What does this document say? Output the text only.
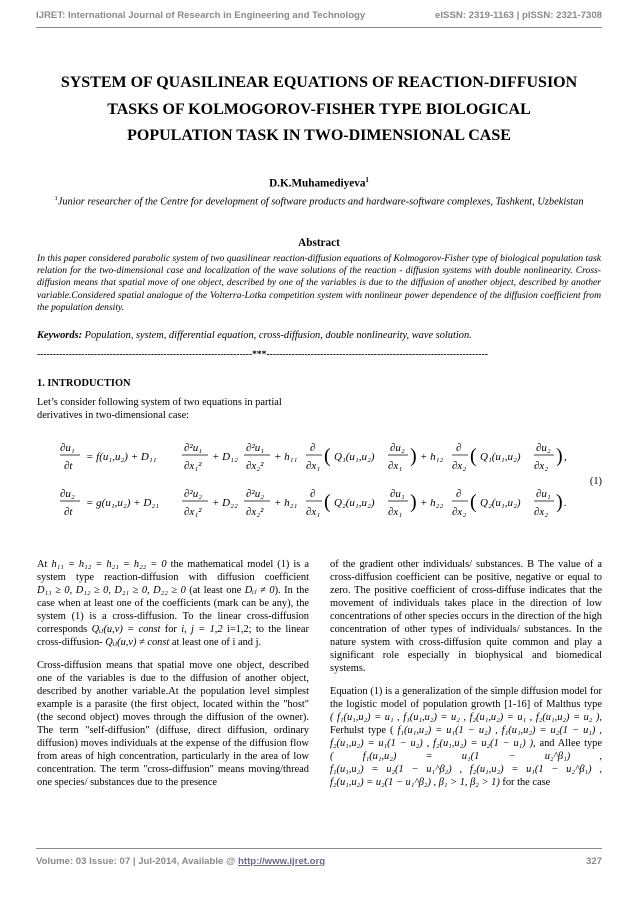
IJRET: International Journal of Research in Engineering and Technology	eISSN: 2319-1163 | pISSN: 2321-7308
SYSTEM OF QUASILINEAR EQUATIONS OF REACTION-DIFFUSION
TASKS OF KOLMOGOROV-FISHER TYPE BIOLOGICAL
POPULATION TASK IN TWO-DIMENSIONAL CASE
D.K.Muhamediyeva$^1$
$^1$Junior researcher of the Centre for development of software products and hardware-software complexes, Tashkent, Uzbekistan
Abstract
In this paper considered parabolic system of two quasilinear reaction-diffusion equations of Kolmogorov-Fisher type of biological population task relation for the two-dimensional case and localization of the wave solutions of the reaction - diffusion systems with double nonlinearity. Cross-diffusion means that spatial move of one object, described by one of the variables is due to the diffusion of another object, described by another variable.Considered spatial analogue of the Volterra-Lotka competition system with nonlinear power dependence of the diffusion coefficient from the population density.
Keywords: Population, system, differential equation, cross-diffusion, double nonlinearity, wave solution.
--------------------------------------------------------------------***----------------------------------------------------------------------
1. INTRODUCTION
Let’s consider following system of two equations in partial derivatives in two-dimensional case:
∂u₁
∂t
= f(u₁,u₂) + D₁₁
∂²u₁
∂x₁²
+ D₁₂
∂²u₁
∂x₂²
+ h₁₁
∂
∂x₁ ( Q₁(u₁,u₂)
∂u₂
∂x₁ ) + h₁₂
∂
∂x₂ ( Q₁(u₁,u₂)
∂u₂
∂x₂ ) ,
∂u₂
∂t
= g(u₁,u₂) + D₂₁
∂²u₂
∂x₁²
+ D₂₂
∂²u₂
∂x₂²
+ h₂₁
∂
∂x₁ ( Q₂(u₁,u₂)
∂u₁
∂x₁ ) + h₂₂
∂
∂x₂ ( Q₂(u₁,u₂)
∂u₁
∂x₂ ) .
(1)

At h₁₁ = h₁₂ = h₂₁ = h₂₂ = 0 the mathematical model (1) is a system type reaction-diffusion with diffusion coefficient D₁₁ ≥ 0, D₁₂ ≥ 0, D₂₁ ≥ 0, D₂₂ ≥ 0 (at least one Dᵢⱼ ≠ 0). In the case when at least one of the coefficients (mark can be any), the system (1) is a cross-diffusion. To the linear cross-diffusion corresponds Qᵢⱼ(u,v) = const for i, j = 1,2 i=1,2; to the linear cross-diffusion- Qᵢⱼ(u,v) ≠ const at least one of i and j.

Cross-diffusion means that spatial move one object, described one of the variables is due to the diffusion of another object, described by another variable.At the population level simplest example is a parasite (the first object, located within the "host" (the second object) moves through the diffusion of the owner). The term "self-diffusion" (diffuse, direct diffusion, ordinary diffusion) moves individuals at the expense of the diffusion flow from areas of high concentration, particularly in the area of low concentration. The term "cross-diffusion" means moving/thread one species/ substances due to the presence

of the gradient other individuals/ substances. B The value of a cross-diffusion coefficient can be positive, negative or equal to zero. The positive coefficient of cross-diffuse indicates that the movement of individuals takes place in the direction of low concentrations of other species occurs in the direction of the high concentration of other types of individuals/ substances. In the nature system with cross-diffusion quite common and play a significant role especially in biophysical and biomedical systems.

Equation (1) is a generalization of the simple diffusion model for the logistic model of population growth [1-16] of Malthus type ( f₁(u₁,u₂) = u₁ , f₁(u₁,u₂) = u₂ , f₂(u₁,u₂) = u₁ , f₂(u₁,u₂) = u₂ ), Ferhulst type ( f₁(u₁,u₂) = u₁(1 − u₂) , f₁(u₁,u₂) = u₂(1 − u₁) , f₂(u₁,u₂) = u₁(1 − u₂) , f₂(u₁,u₂) = u₂(1 − u₁) ), and Allee type ( f₁(u₁,u₂) = u₁(1 − u₂^β₁) , f₁(u₁,u₂) = u₂(1 − u₁^β₂) , f₂(u₁,u₂) = u₁(1 − u₂^β₁) , f₂(u₁,u₂) = u₂(1 − u₁^β₂) , β₁ > 1, β₂ > 1) for the case

Volume: 03 Issue: 07 | Jul-2014, Available @ http://www.ijret.org	327
